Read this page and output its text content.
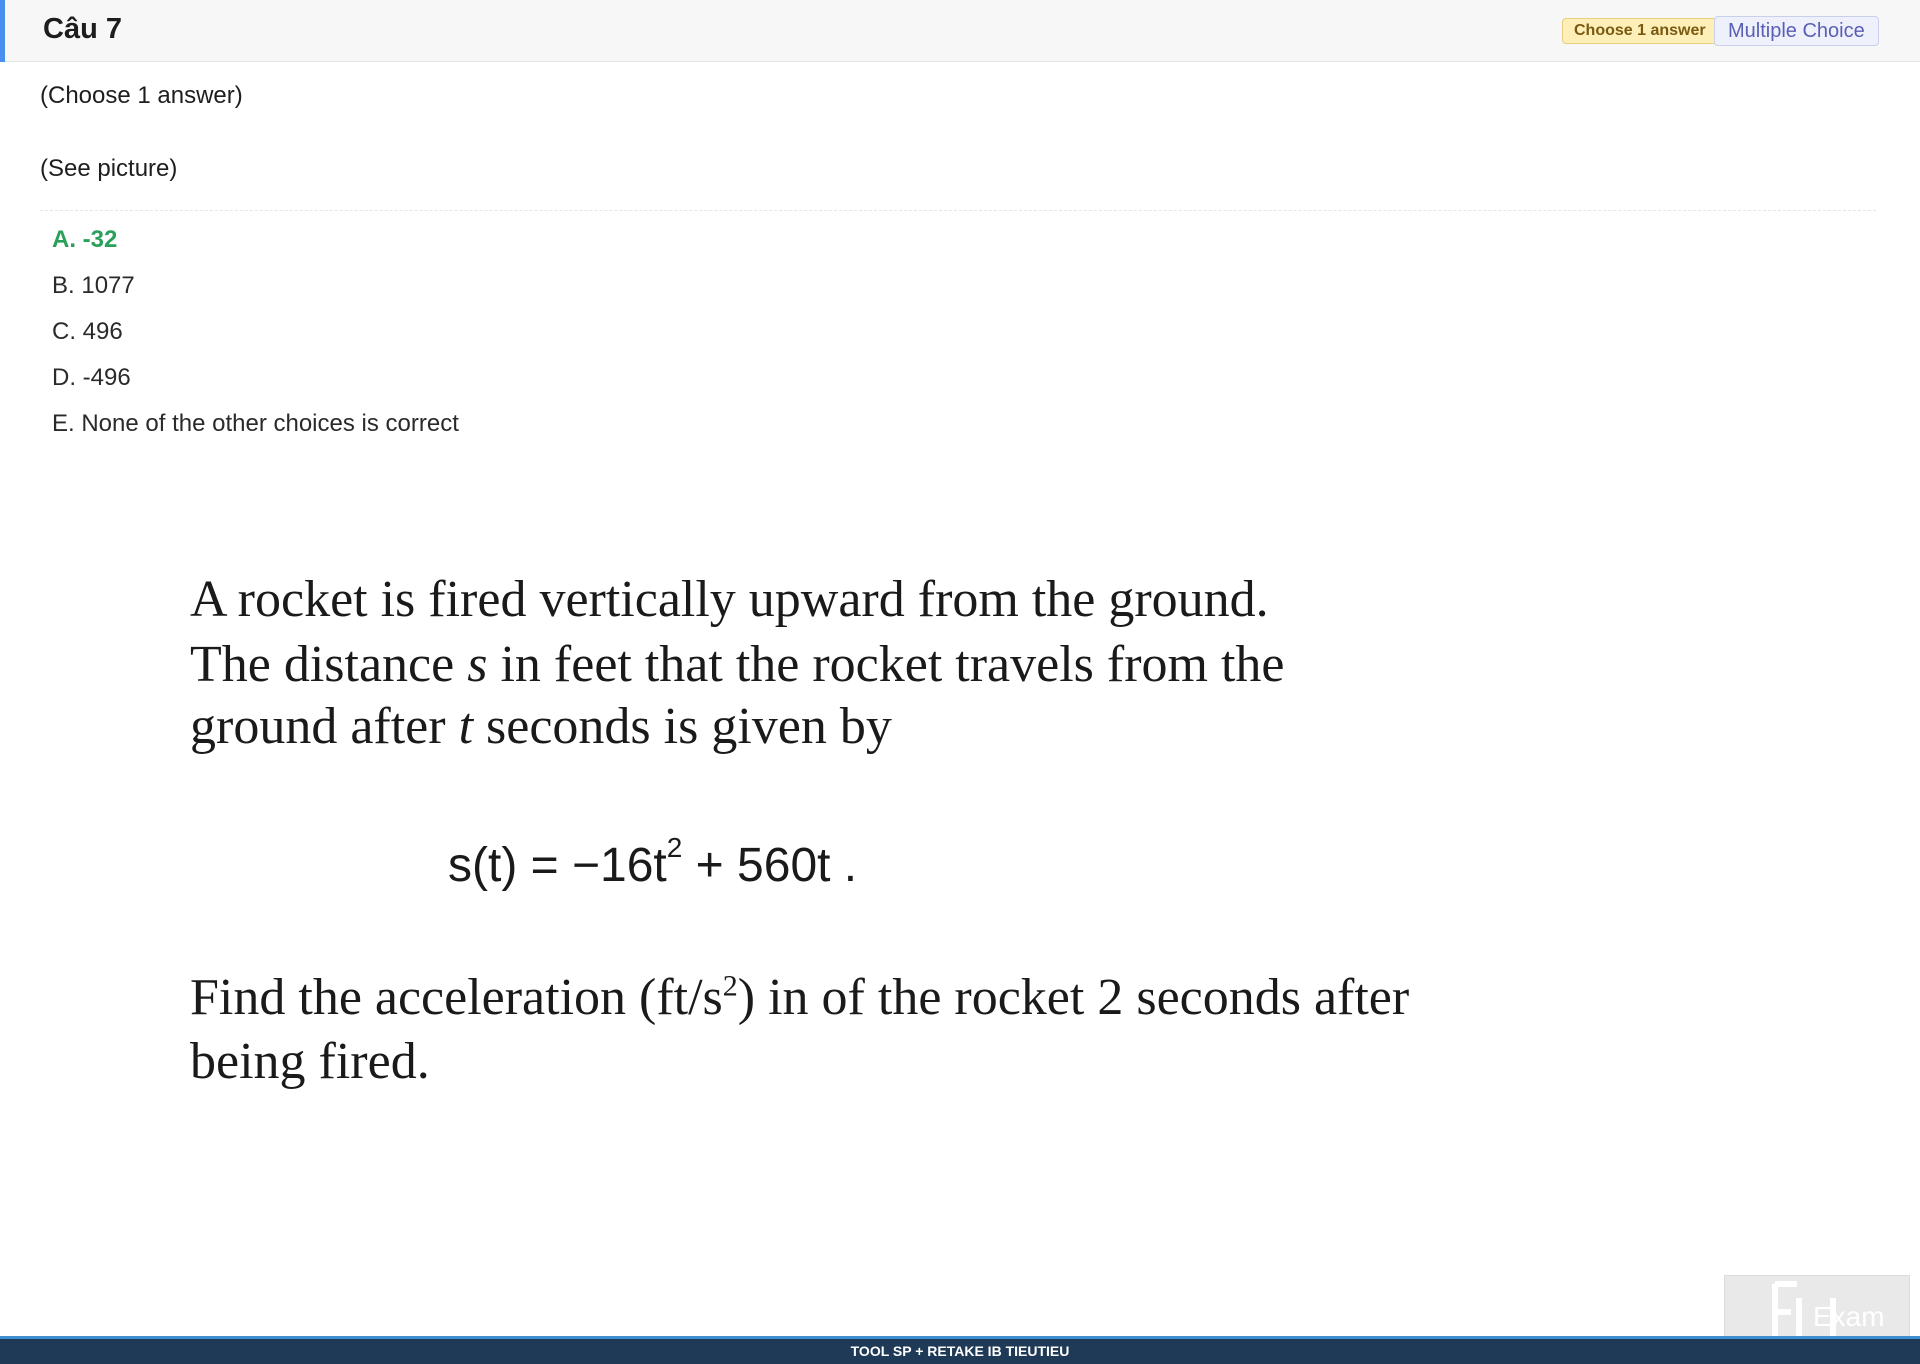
Câu 7	Choose 1 answer	Multiple Choice
(Choose 1 answer)
(See picture)
A. -32
B. 1077
C. 496
D. -496
E. None of the other choices is correct
A rocket is fired vertically upward from the ground.
The distance s in feet that the rocket travels from the
ground after t seconds is given by
$s(t) = -16t^2 + 560t$ .
Find the acceleration $(ft/s^2)$ in of the rocket 2 seconds after
being fired.
Exam
TOOL SP + RETAKE IB TIEUTIEU
